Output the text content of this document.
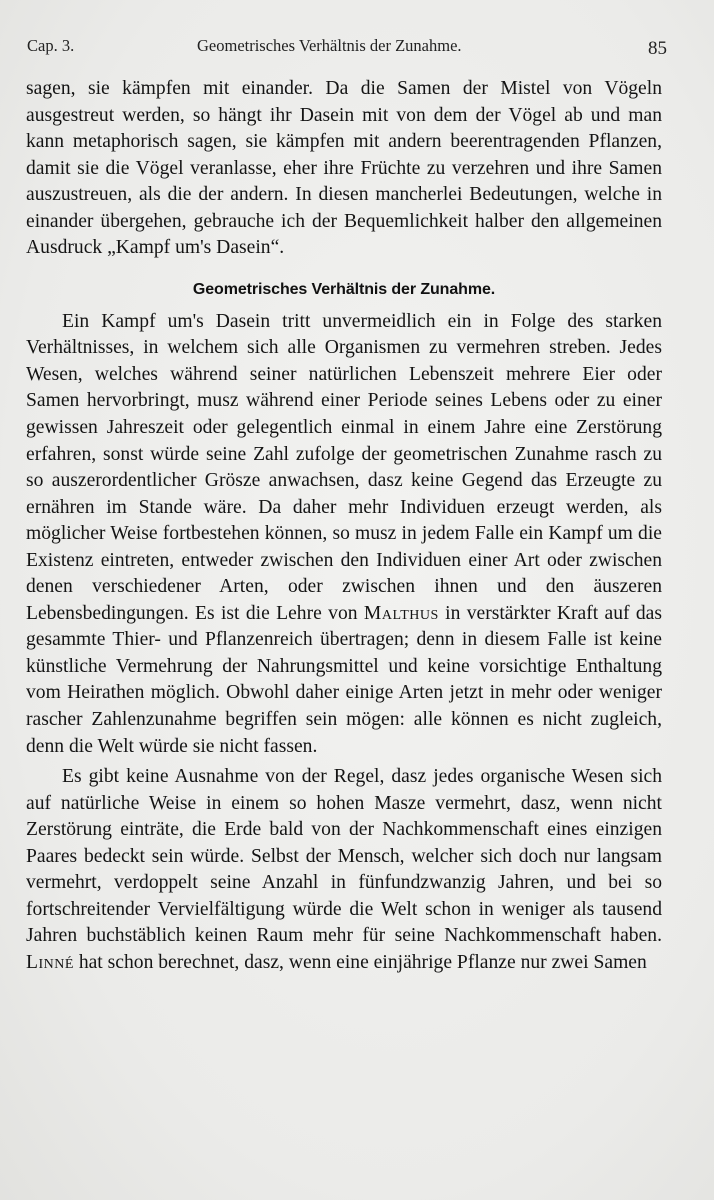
Cap. 3.	Geometrisches Verhältnis der Zunahme.	85

sagen, sie kämpfen mit einander. Da die Samen der Mistel von Vögeln ausgestreut werden, so hängt ihr Dasein mit von dem der Vögel ab und man kann metaphorisch sagen, sie kämpfen mit andern beerentragenden Pflanzen, damit sie die Vögel veranlasse, eher ihre Früchte zu verzehren und ihre Samen auszustreuen, als die der andern. In diesen mancherlei Bedeutungen, welche in einander übergehen, gebrauche ich der Bequemlichkeit halber den allgemeinen Ausdruck „Kampf um's Dasein“.

Geometrisches Verhältnis der Zunahme.

Ein Kampf um's Dasein tritt unvermeidlich ein in Folge des starken Verhältnisses, in welchem sich alle Organismen zu vermehren streben. Jedes Wesen, welches während seiner natürlichen Lebenszeit mehrere Eier oder Samen hervorbringt, musz während einer Periode seines Lebens oder zu einer gewissen Jahreszeit oder gelegentlich einmal in einem Jahre eine Zerstörung erfahren, sonst würde seine Zahl zufolge der geometrischen Zunahme rasch zu so auszerordentlicher Grösze anwachsen, dasz keine Gegend das Erzeugte zu ernähren im Stande wäre. Da daher mehr Individuen erzeugt werden, als möglicher Weise fortbestehen können, so musz in jedem Falle ein Kampf um die Existenz eintreten, entweder zwischen den Individuen einer Art oder zwischen denen verschiedener Arten, oder zwischen ihnen und den äuszeren Lebensbedingungen. Es ist die Lehre von Malthus in verstärkter Kraft auf das gesammte Thier- und Pflanzenreich übertragen; denn in diesem Falle ist keine künstliche Vermehrung der Nahrungsmittel und keine vorsichtige Enthaltung vom Heirathen möglich. Obwohl daher einige Arten jetzt in mehr oder weniger rascher Zahlenzunahme begriffen sein mögen: alle können es nicht zugleich, denn die Welt würde sie nicht fassen.

Es gibt keine Ausnahme von der Regel, dasz jedes organische Wesen sich auf natürliche Weise in einem so hohen Masze vermehrt, dasz, wenn nicht Zerstörung einträte, die Erde bald von der Nachkommenschaft eines einzigen Paares bedeckt sein würde. Selbst der Mensch, welcher sich doch nur langsam vermehrt, verdoppelt seine Anzahl in fünfundzwanzig Jahren, und bei so fortschreitender Vervielfältigung würde die Welt schon in weniger als tausend Jahren buchstäblich keinen Raum mehr für seine Nachkommenschaft haben. Linné hat schon berechnet, dasz, wenn eine einjährige Pflanze nur zwei Samen
